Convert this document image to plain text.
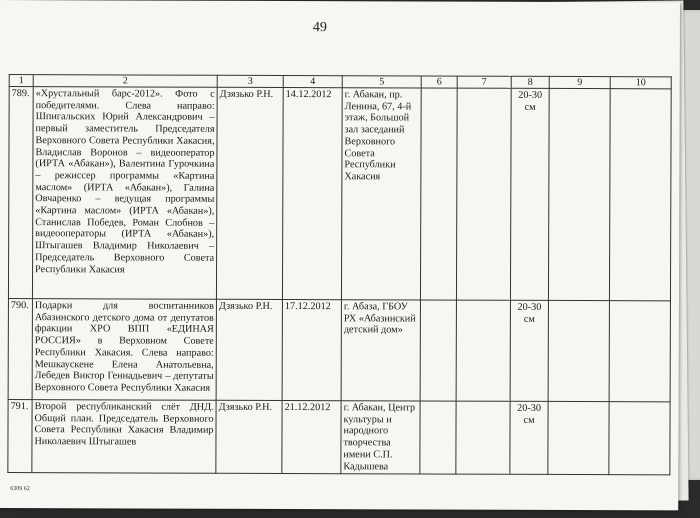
49
1	2	3	4	5	6	7	8	9	10
789.	«Хрустальный барс-2012». Фото с победителями. Слева направо: Шпигальских Юрий Александрович – первый заместитель Председателя Верховного Совета Республики Хакасия, Владислав Воронов – видеооператор (ИРТА «Абакан»), Валентина Гурочкина – режиссер программы «Картина маслом» (ИРТА «Абакан»), Галина Овчаренко – ведущая программы «Картина маслом» (ИРТА «Абакан»), Станислав Победев, Роман Слобнов – видеооператоры (ИРТА «Абакан»), Штыгашев Владимир Николаевич – Председатель Верховного Совета Республики Хакасия	Дзязько Р.Н.	14.12.2012	г. Абакан, пр. Ленина, 67, 4-й этаж, Большой зал заседаний Верховного Совета Республики Хакасия			20-30 см		
790.	Подарки для воспитанников Абазинского детского дома от депутатов фракции ХРО ВПП «ЕДИНАЯ РОССИЯ» в Верховном Совете Республики Хакасия. Слева направо: Мешкаускене Елена Анатольевна, Лебедев Виктор Геннадьевич – депутаты Верховного Совета Республики Хакасия	Дзязько Р.Н.	17.12.2012	г. Абаза, ГБОУ РХ «Абазинский детский дом»			20-30 см		
791.	Второй республиканский слёт ДНД. Общий план. Председатель Верховного Совета Республики Хакасия Владимир Николаевич Штыгашев	Дзязько Р.Н.	21.12.2012	г. Абакан, Центр культуры и народного творчества имени С.П. Кадышева			20-30 см		
6309 62
